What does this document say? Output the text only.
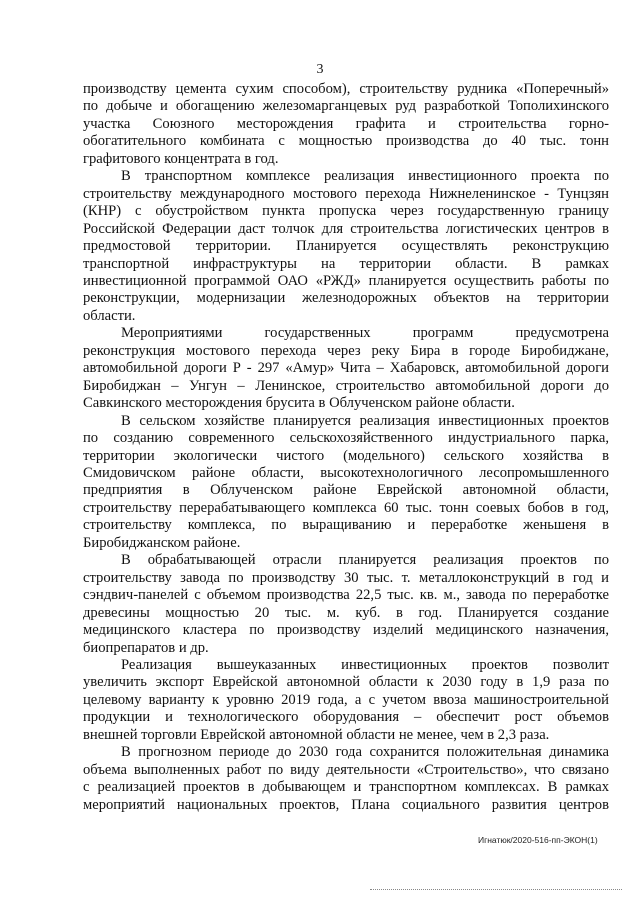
3
производству цемента сухим способом), строительству рудника «Поперечный»
по добыче и обогащению железомарганцевых руд разработкой Тополихинского
участка Союзного месторождения графита и строительства горно-
обогатительного комбината с мощностью производства до 40 тыс. тонн
графитового концентрата в год.
В транспортном комплексе реализация инвестиционного проекта по
строительству международного мостового перехода Нижнеленинское - Тунцзян
(КНР) с обустройством пункта пропуска через государственную границу
Российской Федерации даст толчок для строительства логистических центров в
предмостовой территории. Планируется осуществлять реконструкцию
транспортной инфраструктуры на территории области. В рамках
инвестиционной программой ОАО «РЖД» планируется осуществить работы по
реконструкции, модернизации железнодорожных объектов на территории
области.
Мероприятиями государственных программ предусмотрена
реконструкция мостового перехода через реку Бира в городе Биробиджане,
автомобильной дороги Р - 297 «Амур» Чита – Хабаровск, автомобильной дороги
Биробиджан – Унгун – Ленинское, строительство автомобильной дороги до
Савкинского месторождения брусита в Облученском районе области.
В сельском хозяйстве планируется реализация инвестиционных проектов
по созданию современного сельскохозяйственного индустриального парка,
территории экологически чистого (модельного) сельского хозяйства в
Смидовичском районе области, высокотехнологичного лесопромышленного
предприятия в Облученском районе Еврейской автономной области,
строительству перерабатывающего комплекса 60 тыс. тонн соевых бобов в год,
строительству комплекса, по выращиванию и переработке женьшеня в
Биробиджанском районе.
В обрабатывающей отрасли планируется реализация проектов по
строительству завода по производству 30 тыс. т. металлоконструкций в год и
сэндвич-панелей с объемом производства 22,5 тыс. кв. м., завода по переработке
древесины мощностью 20 тыс. м. куб. в год. Планируется создание
медицинского кластера по производству изделий медицинского назначения,
биопрепаратов и др.
Реализация вышеуказанных инвестиционных проектов позволит
увеличить экспорт Еврейской автономной области к 2030 году в 1,9 раза по
целевому варианту к уровню 2019 года, а с учетом ввоза машиностроительной
продукции и технологического оборудования – обеспечит рост объемов
внешней торговли Еврейской автономной области не менее, чем в 2,3 раза.
В прогнозном периоде до 2030 года сохранится положительная динамика
объема выполненных работ по виду деятельности «Строительство», что связано
с реализацией проектов в добывающем и транспортном комплексах. В рамках
мероприятий национальных проектов, Плана социального развития центров
Игнатюк/2020-516-пп-ЭКОН(1)
